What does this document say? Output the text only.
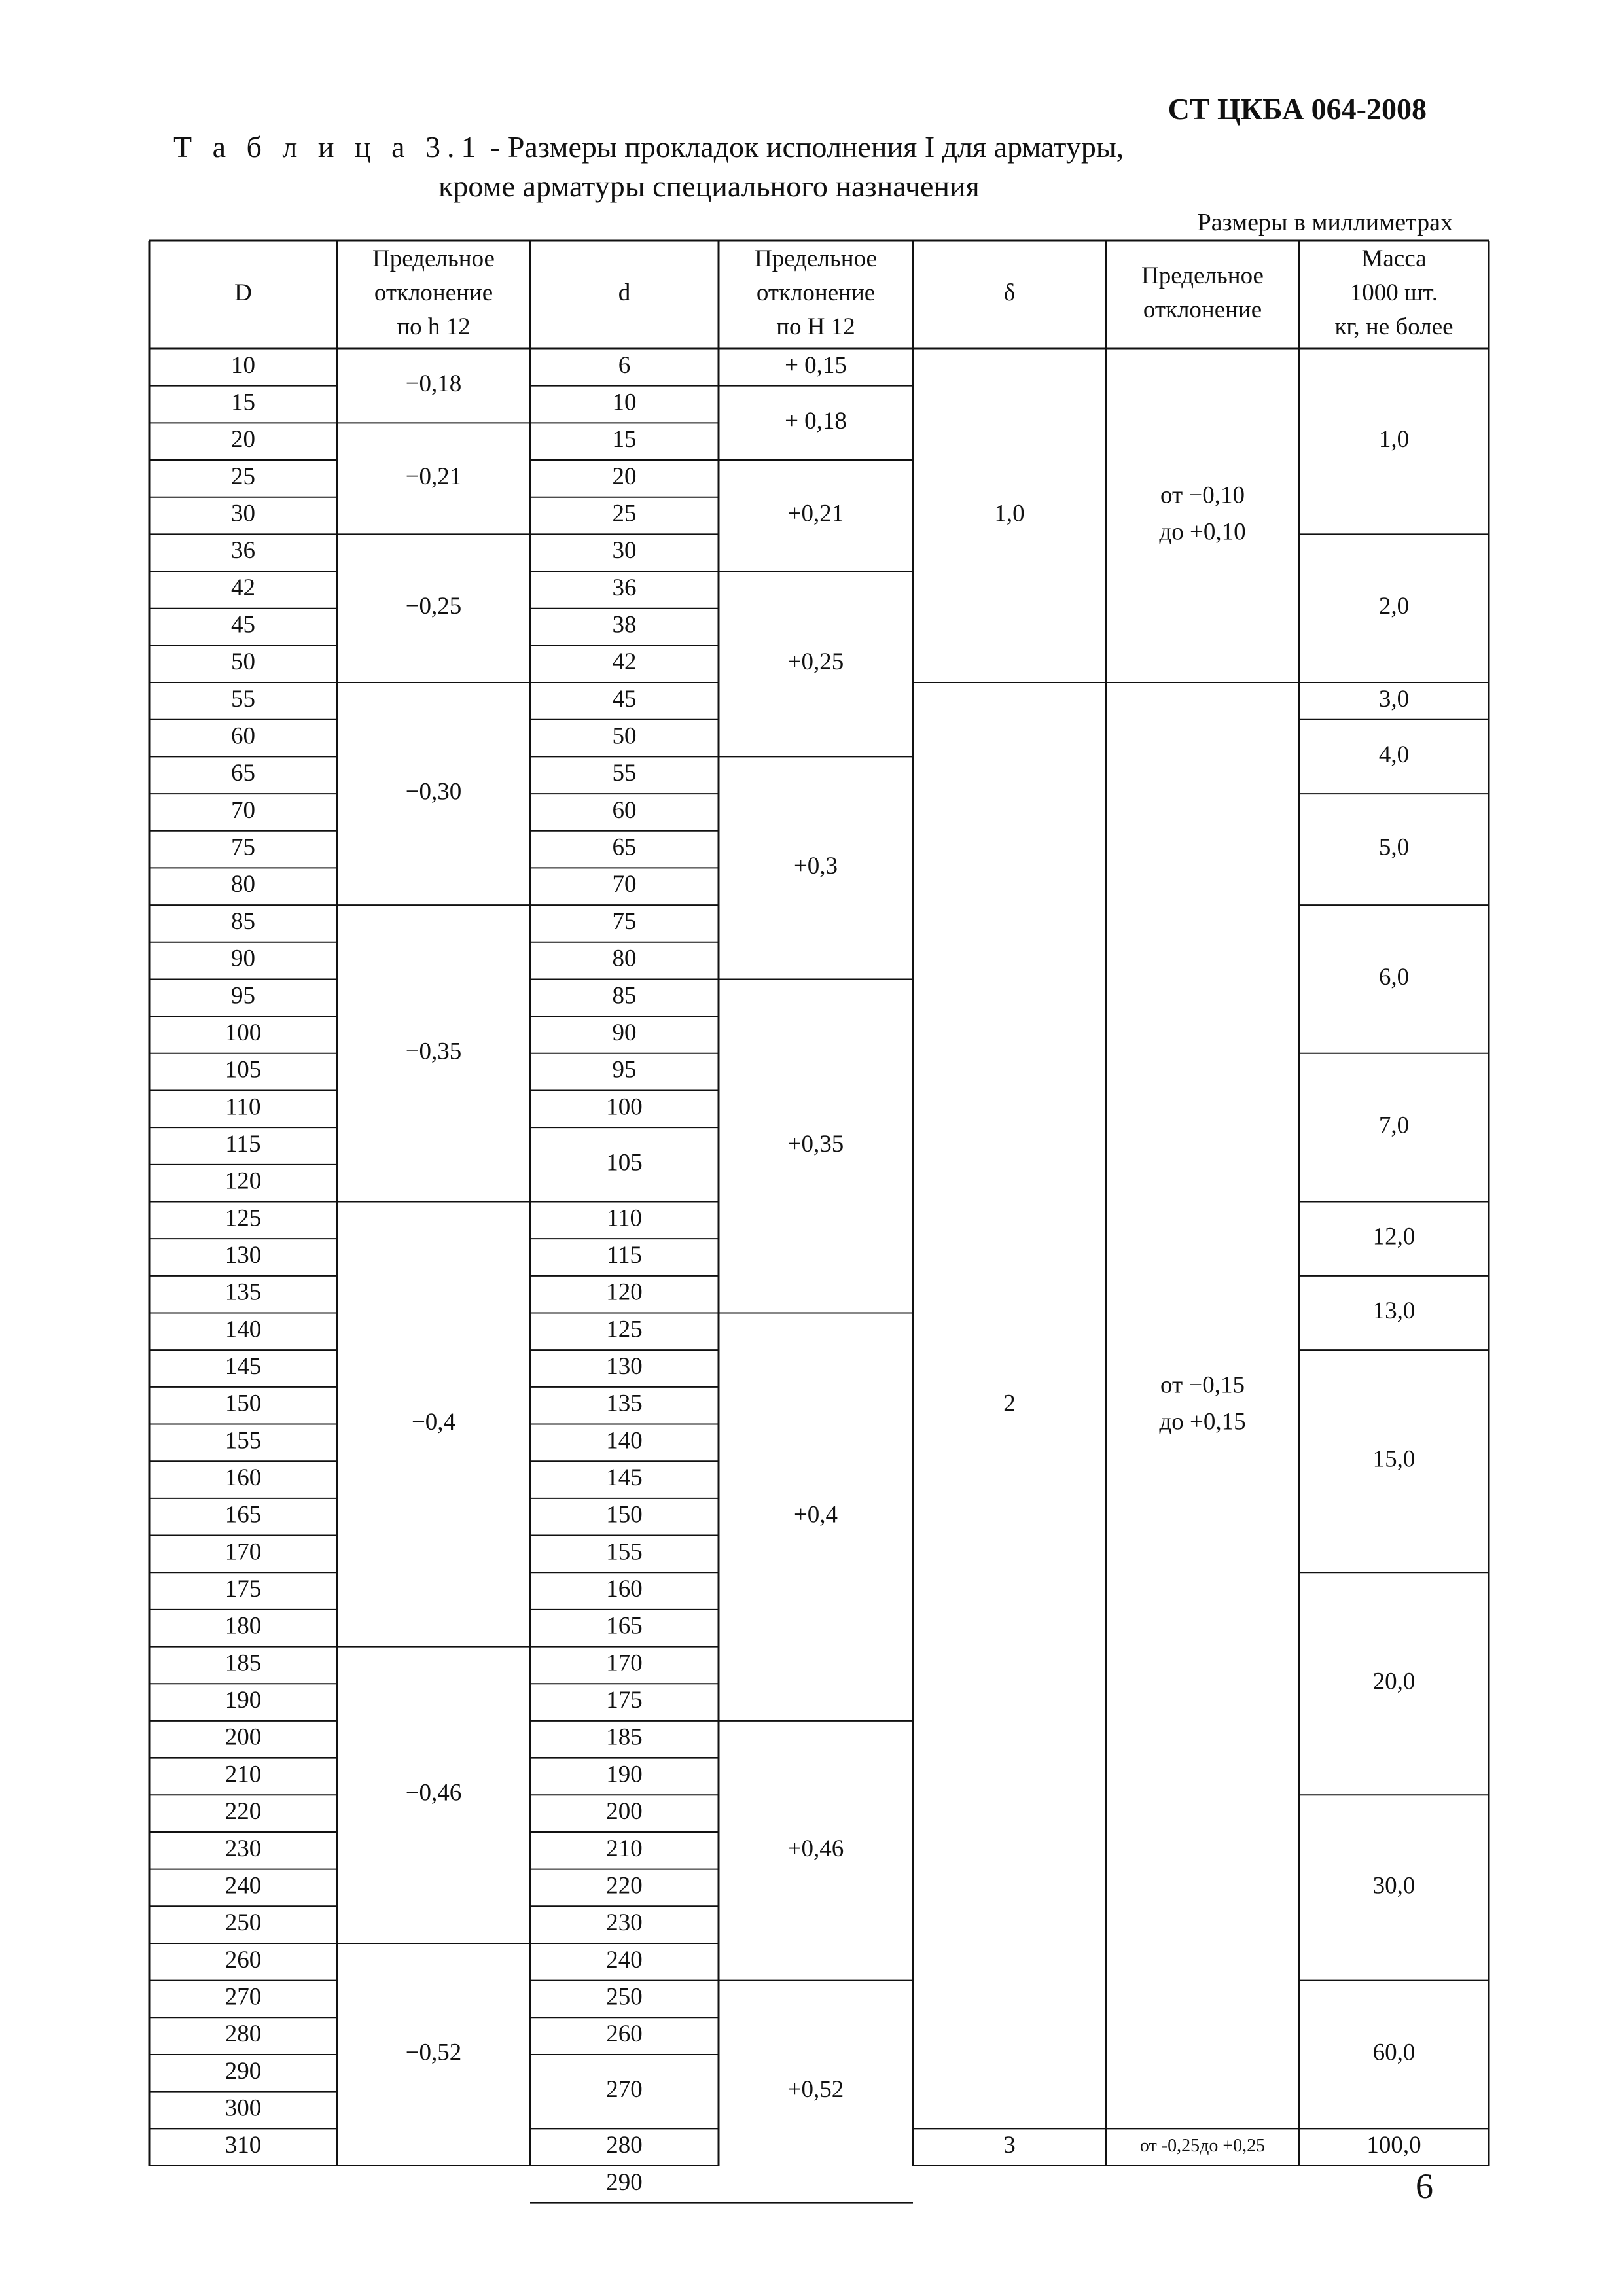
СТ ЦКБА 064-2008
Т а б л и ц а 3.1 - Размеры прокладок исполнения I для арматуры,
кроме арматуры специального назначения
Размеры в миллиметрах
D
Предельное
отклонение
по h 12
d
Предельное
отклонение
по Н 12
δ
Предельное
отклонение
Масса
1000 шт.
кг, не более
10
15
20
25
30
36
42
45
50
55
60
65
70
75
80
85
90
95
100
105
110
115
120
125
130
135
140
145
150
155
160
165
170
175
180
185
190
200
210
220
230
240
250
260
270
280
290
300
310
6
10
15
20
25
30
36
38
42
45
50
55
60
65
70
75
80
85
90
95
100
105
110
115
120
125
130
135
140
145
150
155
160
165
170
175
185
190
200
210
220
230
240
250
260
270
280
290
−0,18
−0,21
−0,25
−0,30
−0,35
−0,4
−0,46
−0,52
+ 0,15
+ 0,18
+0,21
+0,25
+0,3
+0,35
+0,4
+0,46
+0,52
1,0
2
3
от −0,10
до +0,10
от −0,15
до +0,15
от -0,25до +0,25
1,0
2,0
3,0
4,0
5,0
6,0
7,0
12,0
13,0
15,0
20,0
30,0
60,0
100,0
6
